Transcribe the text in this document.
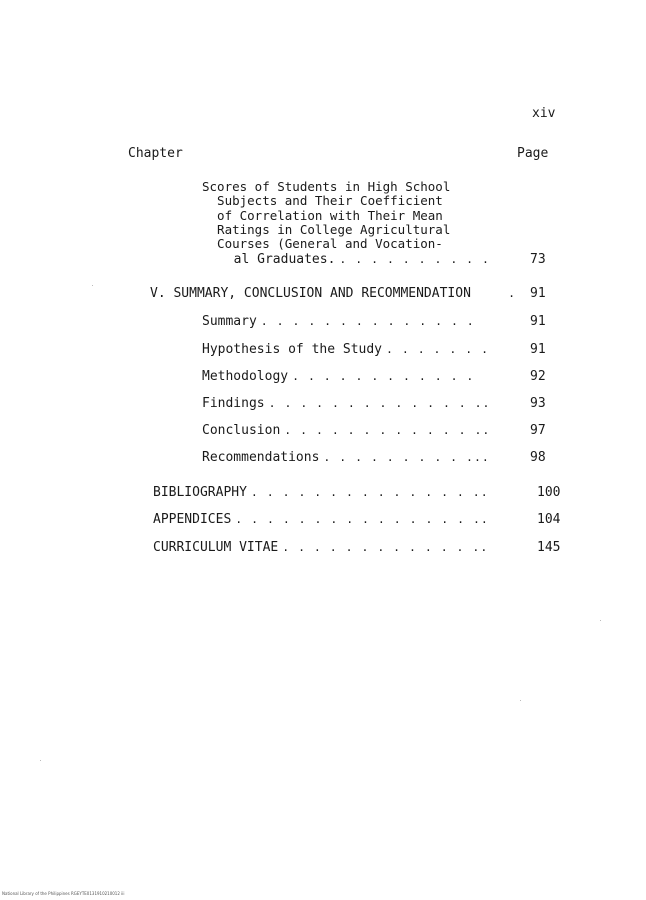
xiv
Chapter	Page
Scores of Students in High School
Subjects and Their Coefficient
of Correlation with Their Mean
Ratings in College Agricultural
Courses (General and Vocation-

al Graduates. . . . . . . . . . .	73
V. SUMMARY, CONCLUSION AND RECOMMENDATION	. 91
Summary . . . . . . . . . . . . . .	91
Hypothesis of the Study . . . . . . .	91
Methodology . . . . . . . . . . . .	92
Findings . . . . . . . . . . . . . ..	93
Conclusion . . . . . . . . . . . . ..	97
Recommendations . . . . . . . . . ...	98
BIBLIOGRAPHY . . . . . . . . . . . . . . ..	100
APPENDICES . . . . . . . . . . . . . . . ..	104
CURRICULUM VITAE . . . . . . . . . . . . ..	145
National Library of the Philippines RGEYTE0131910210012 iii
